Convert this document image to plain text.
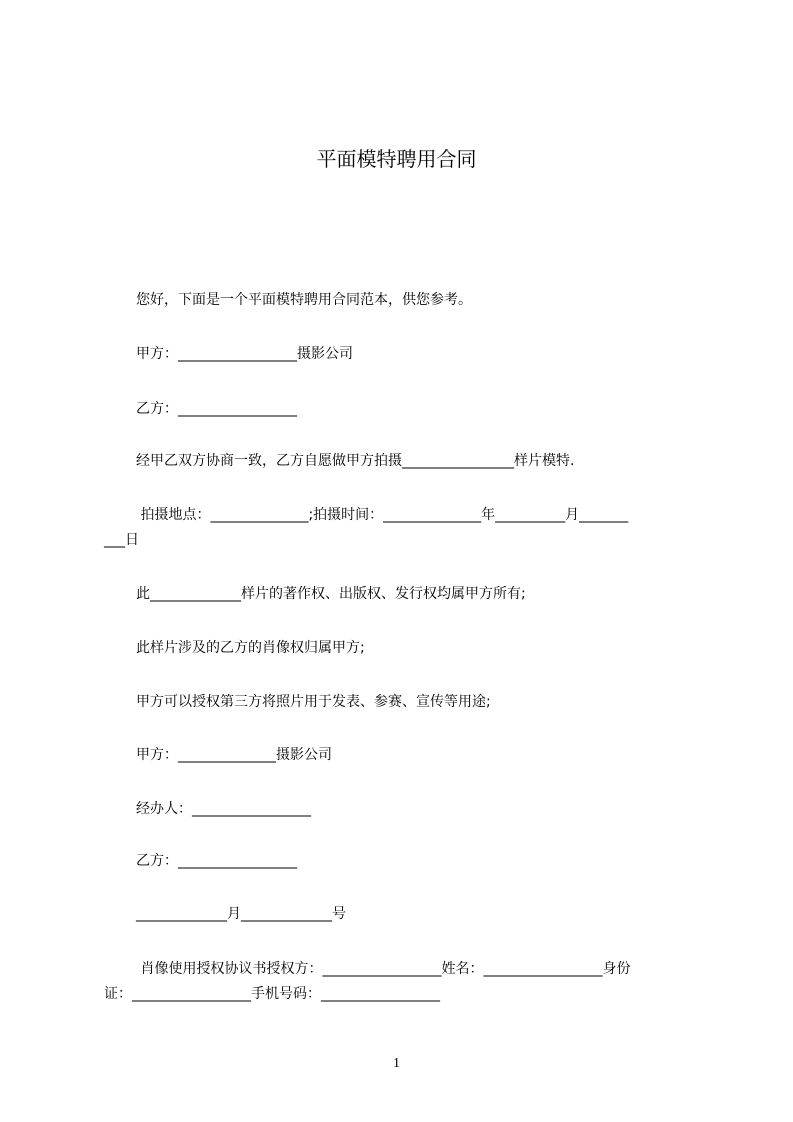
平面模特聘用合同
您好，下面是一个平面模特聘用合同范本，供您参考。
甲方：_________________摄影公司
乙方：_________________
经甲乙双方协商一致，乙方自愿做甲方拍摄________________样片模特.
拍摄地点：______________;拍摄时间：______________年__________月_______
___日
此_____________样片的著作权、出版权、发行权均属甲方所有;
此样片涉及的乙方的肖像权归属甲方;
甲方可以授权第三方将照片用于发表、参赛、宣传等用途;
甲方：______________摄影公司
经办人：_________________
乙方：_________________
_____________月_____________号
肖像使用授权协议书授权方：_________________姓名：_________________身份
证：_________________手机号码：_________________
1
